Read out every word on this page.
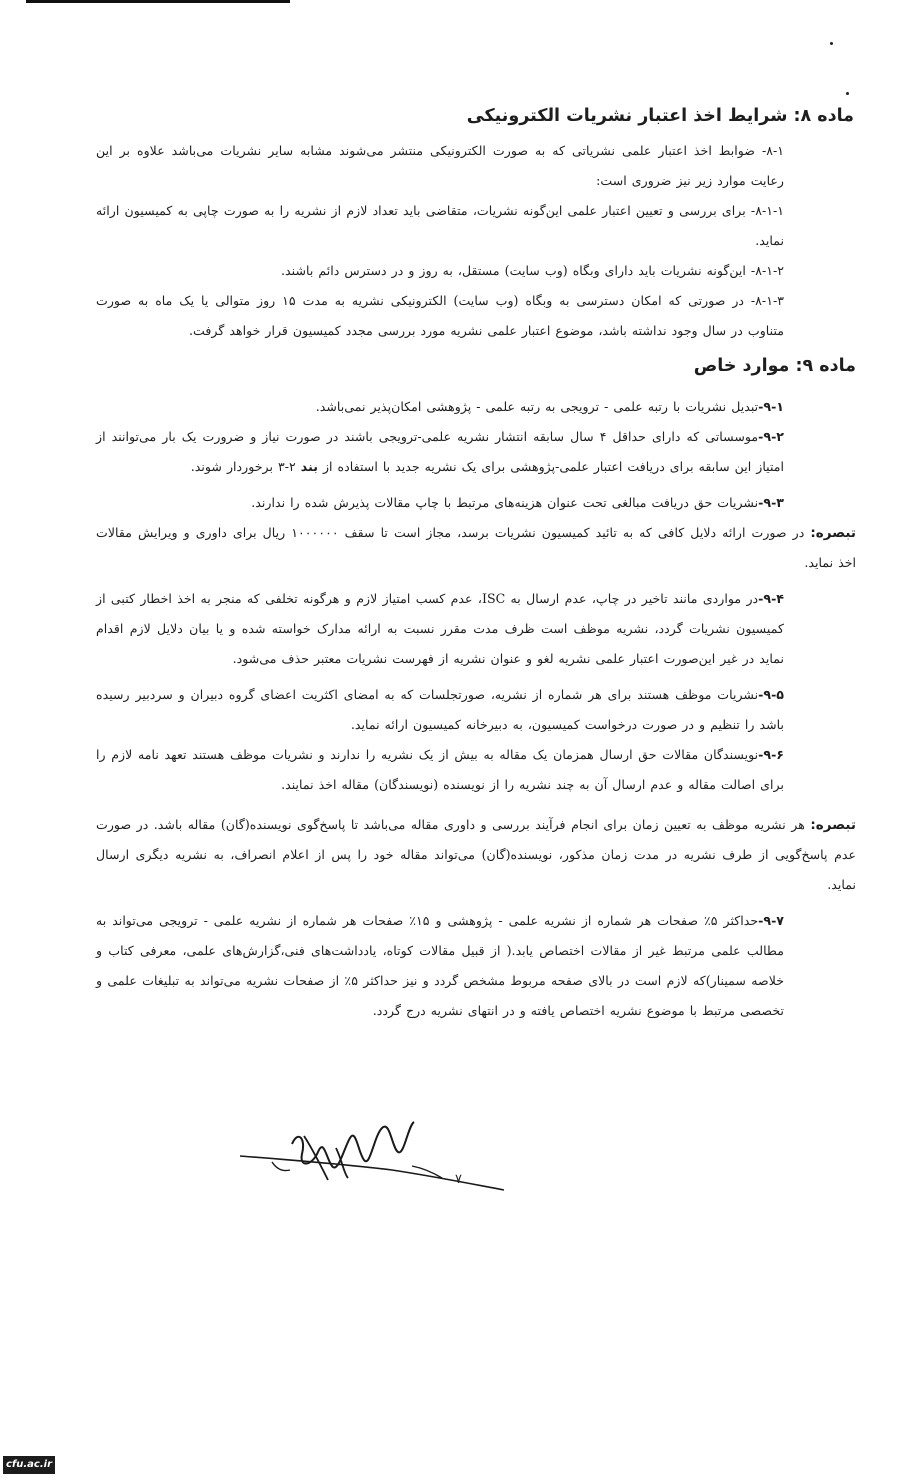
ماده ۸: شرایط اخذ اعتبار نشریات الکترونیکی

۸-۱- ضوابط اخذ اعتبار علمی نشریاتی که به صورت الکترونیکی منتشر می‌شوند مشابه سایر نشریات می‌باشد علاوه بر این رعایت موارد زیر نیز ضروری است:

۸-۱-۱- برای بررسی و تعیین اعتبار علمی این‌گونه نشریات، متقاضی باید تعداد لازم از نشریه را به صورت چاپی به کمیسیون ارائه نماید.

۸-۱-۲- این‌گونه نشریات باید دارای وبگاه (وب سایت) مستقل، به روز و در دسترس دائم باشند.

۸-۱-۳- در صورتی که امکان دسترسی به وبگاه (وب سایت) الکترونیکی نشریه به مدت ۱۵ روز متوالی یا یک ماه به صورت متناوب در سال وجود نداشته باشد، موضوع اعتبار علمی نشریه مورد بررسی مجدد کمیسیون قرار خواهد گرفت.

ماده ۹: موارد خاص

۹-۱-تبدیل نشریات با رتبه علمی - ترویجی به رتبه علمی - پژوهشی امکان‌پذیر نمی‌باشد.

۹-۲-موسساتی که دارای حداقل ۴ سال سابقه انتشار نشریه علمی-ترویجی باشند در صورت نیاز و ضرورت یک بار می‌توانند از امتیاز این سابقه برای دریافت اعتبار علمی-پژوهشی برای یک نشریه جدید با استفاده از بند ۲-۳ برخوردار شوند.

۹-۳-نشریات حق دریافت مبالغی تحت عنوان هزینه‌های مرتبط با چاپ مقالات پذیرش شده را ندارند.

تبصره: در صورت ارائه دلایل کافی که به تائید کمیسیون نشریات برسد، مجاز است تا سقف ۱۰۰۰۰۰۰ ریال برای داوری و ویرایش مقالات اخذ نماید.

۹-۴-در مواردی مانند تاخیر در چاپ، عدم ارسال به ISC، عدم کسب امتیاز لازم و هرگونه تخلفی که منجر به اخذ اخطار کتبی از کمیسیون نشریات گردد، نشریه موظف است ظرف مدت مقرر نسبت به ارائه مدارک خواسته شده و یا بیان دلایل لازم اقدام نماید در غیر این‌صورت اعتبار علمی نشریه لغو و عنوان نشریه از فهرست نشریات معتبر حذف می‌شود.

۹-۵-نشریات موظف هستند برای هر شماره از نشریه، صورتجلسات که به امضای اکثریت اعضای گروه دبیران و سردبیر رسیده باشد را تنظیم و در صورت درخواست کمیسیون، به دبیرخانه کمیسیون ارائه نماید.

۹-۶-نویسندگان مقالات حق ارسال همزمان یک مقاله به بیش از یک نشریه را ندارند و نشریات موظف هستند تعهد نامه لازم را برای اصالت مقاله و عدم ارسال آن به چند نشریه را از نویسنده (نویسندگان) مقاله اخذ نمایند.

تبصره: هر نشریه موظف به تعیین زمان برای انجام فرآیند بررسی و داوری مقاله می‌باشد تا پاسخ‌گوی نویسنده(گان) مقاله باشد. در صورت عدم پاسخ‌گویی از طرف نشریه در مدت زمان مذکور، نویسنده(گان) می‌تواند مقاله خود را پس از اعلام انصراف، به نشریه دیگری ارسال نماید.

۹-۷-حداکثر ۵٪ صفحات هر شماره از نشریه علمی - پژوهشی و ۱۵٪ صفحات هر شماره از نشریه علمی - ترویجی می‌تواند به مطالب علمی مرتبط غیر از مقالات اختصاص یابد.( از قبیل مقالات کوتاه، یادداشت‌های فنی،گزارش‌های علمی، معرفی کتاب و خلاصه سمینار)که لازم است در بالای صفحه مربوط مشخص گردد و نیز حداکثر ۵٪ از صفحات نشریه می‌تواند به تبلیغات علمی و تخصصی مرتبط با موضوع نشریه اختصاص یافته و در انتهای نشریه درج گردد.

۷
cfu.ac.ir
